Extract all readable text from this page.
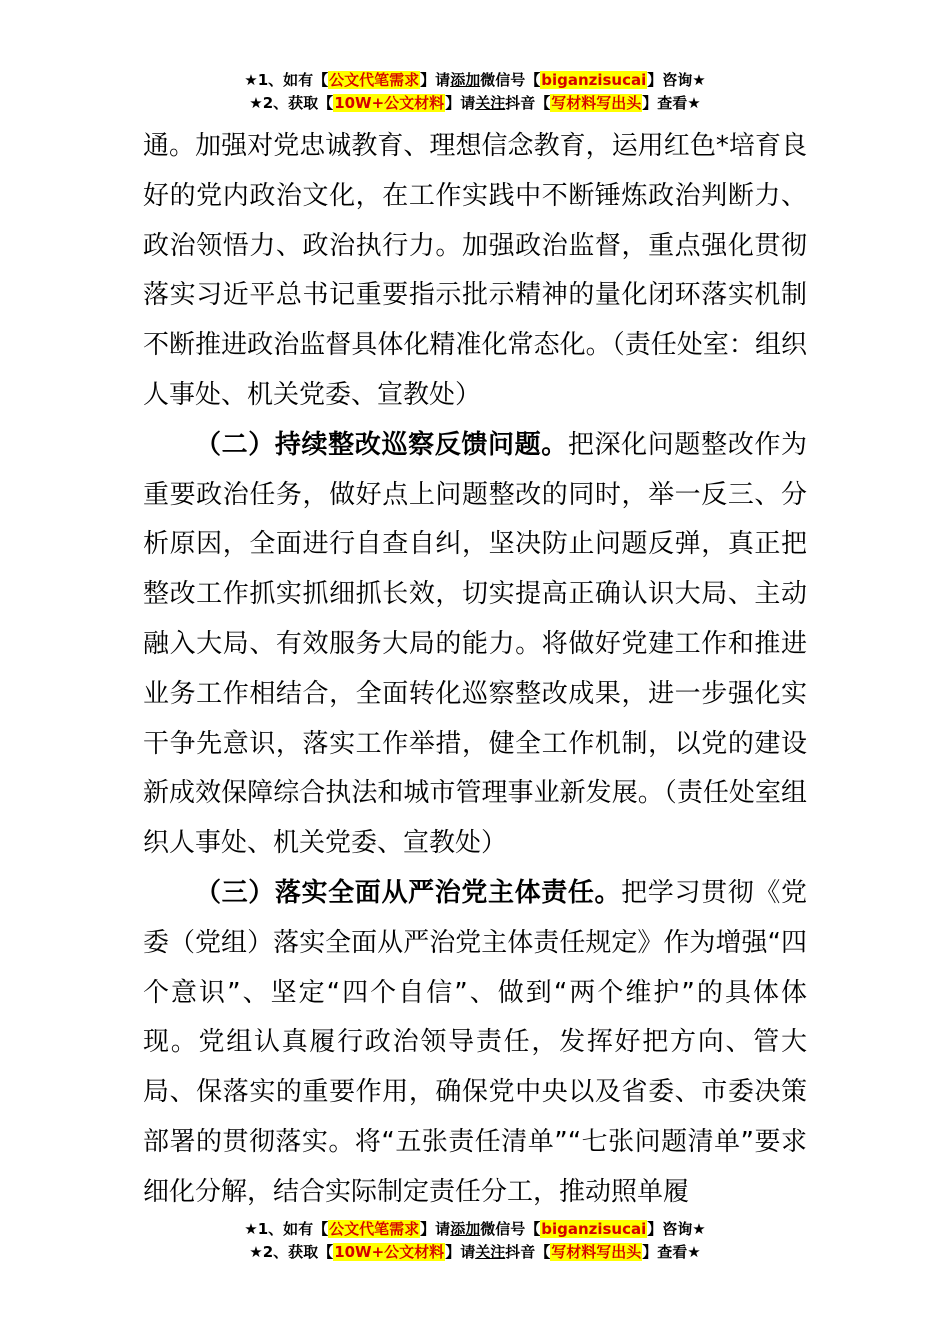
★1、如有【公文代笔需求】请添加微信号【biganzisucai】咨询★
★2、获取【10W+公文材料】请关注抖音【写材料写出头】查看★

通。加强对党忠诚教育、理想信念教育，运用红色*培育良好的党内政治文化，在工作实践中不断锤炼政治判断力、政治领悟力、政治执行力。加强政治监督，重点强化贯彻落实习近平总书记重要指示批示精神的量化闭环落实机制不断推进政治监督具体化精准化常态化。（责任处室：组织人事处、机关党委、宣教处）

（二）持续整改巡察反馈问题。把深化问题整改作为重要政治任务，做好点上问题整改的同时，举一反三、分析原因，全面进行自查自纠，坚决防止问题反弹，真正把整改工作抓实抓细抓长效，切实提高正确认识大局、主动融入大局、有效服务大局的能力。将做好党建工作和推进业务工作相结合，全面转化巡察整改成果，进一步强化实干争先意识，落实工作举措，健全工作机制，以党的建设新成效保障综合执法和城市管理事业新发展。（责任处室组织人事处、机关党委、宣教处）

（三）落实全面从严治党主体责任。把学习贯彻《党委（党组）落实全面从严治党主体责任规定》作为增强“四个意识”、坚定“四个自信”、做到“两个维护”的具体体现。党组认真履行政治领导责任，发挥好把方向、管大局、保落实的重要作用，确保党中央以及省委、市委决策部署的贯彻落实。将“五张责任清单”“七张问题清单”要求细化分解，结合实际制定责任分工，推动照单履

★1、如有【公文代笔需求】请添加微信号【biganzisucai】咨询★
★2、获取【10W+公文材料】请关注抖音【写材料写出头】查看★
